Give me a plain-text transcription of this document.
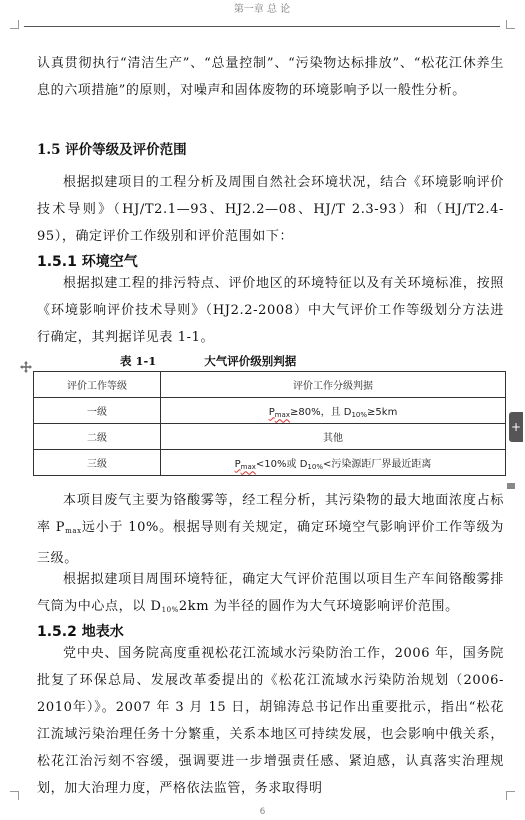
第一章 总 论

认真贯彻执行“清洁生产”、“总量控制”、“污染物达标排放”、“松花江休养生息的六项措施”的原则，对噪声和固体废物的环境影响予以一般性分析。

1.5 评价等级及评价范围

根据拟建项目的工程分析及周围自然社会环境状况，结合《环境影响评价技术导则》（HJ/T2.1—93、HJ2.2—08、HJ/T 2.3-93）和（HJ/T2.4-95），确定评价工作级别和评价范围如下：

1.5.1 环境空气

根据拟建工程的排污特点、评价地区的环境特征以及有关环境标准，按照《环境影响评价技术导则》（HJ2.2-2008）中大气评价工作等级划分方法进行确定，其判据详见表 1-1。

表 1-1	大气评价级别判据
评价工作等级	评价工作分级判据
一级	$P_{max}\ge 80\%$，且 $D_{10\%}\ge 5km$
二级	其他
三级	$P_{max}<10\%$或 $D_{10\%}<$污染源距厂界最近距离
+

本项目废气主要为铬酸雾等，经工程分析，其污染物的最大地面浓度占标率 $P_{max}$远小于 10%。根据导则有关规定，确定环境空气影响评价工作等级为三级。

根据拟建项目周围环境特征，确定大气评价范围以项目生产车间铬酸雾排气筒为中心点，以 $D_{10\%}2km$ 为半径的圆作为大气环境影响评价范围。

1.5.2 地表水

党中央、国务院高度重视松花江流域水污染防治工作，2006 年，国务院批复了环保总局、发展改革委提出的《松花江流域水污染防治规划（2006-2010年）》。2007 年 3 月 15 日，胡锦涛总书记作出重要批示，指出“松花江流域污染治理任务十分繁重，关系本地区可持续发展，也会影响中俄关系，松花江治污刻不容缓，强调要进一步增强责任感、紧迫感，认真落实治理规划，加大治理力度，严格依法监管，务求取得明

6
